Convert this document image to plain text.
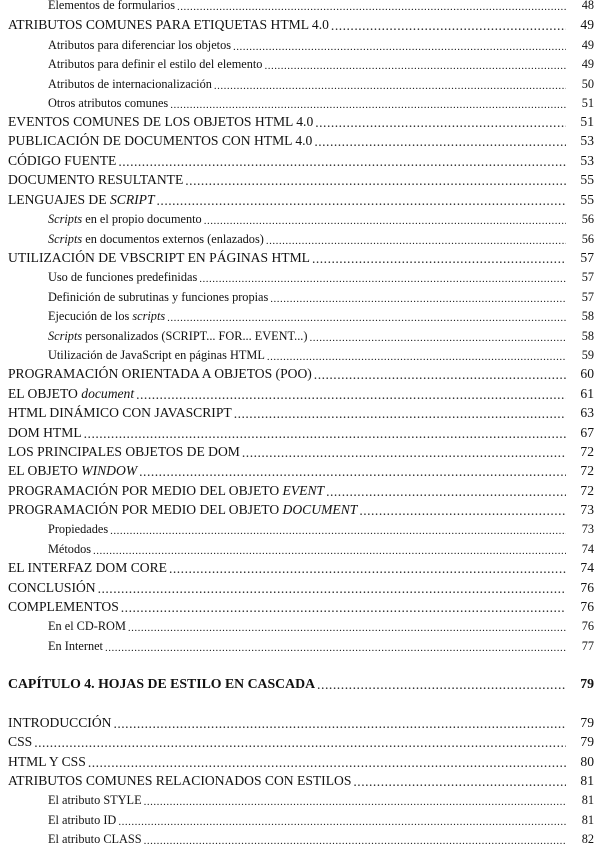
Elementos de formularios .....	48
ATRIBUTOS COMUNES PARA ETIQUETAS HTML 4.0 .....	49
Atributos para diferenciar los objetos .....	49
Atributos para definir el estilo del elemento .....	49
Atributos de internacionalización .....	50
Otros atributos comunes .....	51
EVENTOS COMUNES DE LOS OBJETOS HTML 4.0 .....	51
PUBLICACIÓN DE DOCUMENTOS CON HTML 4.0 .....	53
CÓDIGO FUENTE .....	53
DOCUMENTO RESULTANTE .....	55
LENGUAJES DE SCRIPT .....	55
Scripts en el propio documento .....	56
Scripts en documentos externos (enlazados) .....	56
UTILIZACIÓN DE VBSCRIPT EN PÁGINAS HTML .....	57
Uso de funciones predefinidas .....	57
Definición de subrutinas y funciones propias .....	57
Ejecución de los scripts .....	58
Scripts personalizados (SCRIPT... FOR... EVENT...) .....	58
Utilización de JavaScript en páginas HTML .....	59
PROGRAMACIÓN ORIENTADA A OBJETOS (POO) .....	60
EL OBJETO document .....	61
HTML DINÁMICO CON JAVASCRIPT .....	63
DOM HTML .....	67
LOS PRINCIPALES OBJETOS DE DOM .....	72
EL OBJETO WINDOW .....	72
PROGRAMACIÓN POR MEDIO DEL OBJETO EVENT .....	72
PROGRAMACIÓN POR MEDIO DEL OBJETO DOCUMENT .....	73
Propiedades .....	73
Métodos .....	74
EL INTERFAZ DOM CORE .....	74
CONCLUSIÓN .....	76
COMPLEMENTOS .....	76
En el CD-ROM .....	76
En Internet .....	77
CAPÍTULO 4. HOJAS DE ESTILO EN CASCADA .....	79
INTRODUCCIÓN .....	79
CSS .....	79
HTML Y CSS .....	80
ATRIBUTOS COMUNES RELACIONADOS CON ESTILOS .....	81
El atributo STYLE .....	81
El atributo ID .....	81
El atributo CLASS .....	82
